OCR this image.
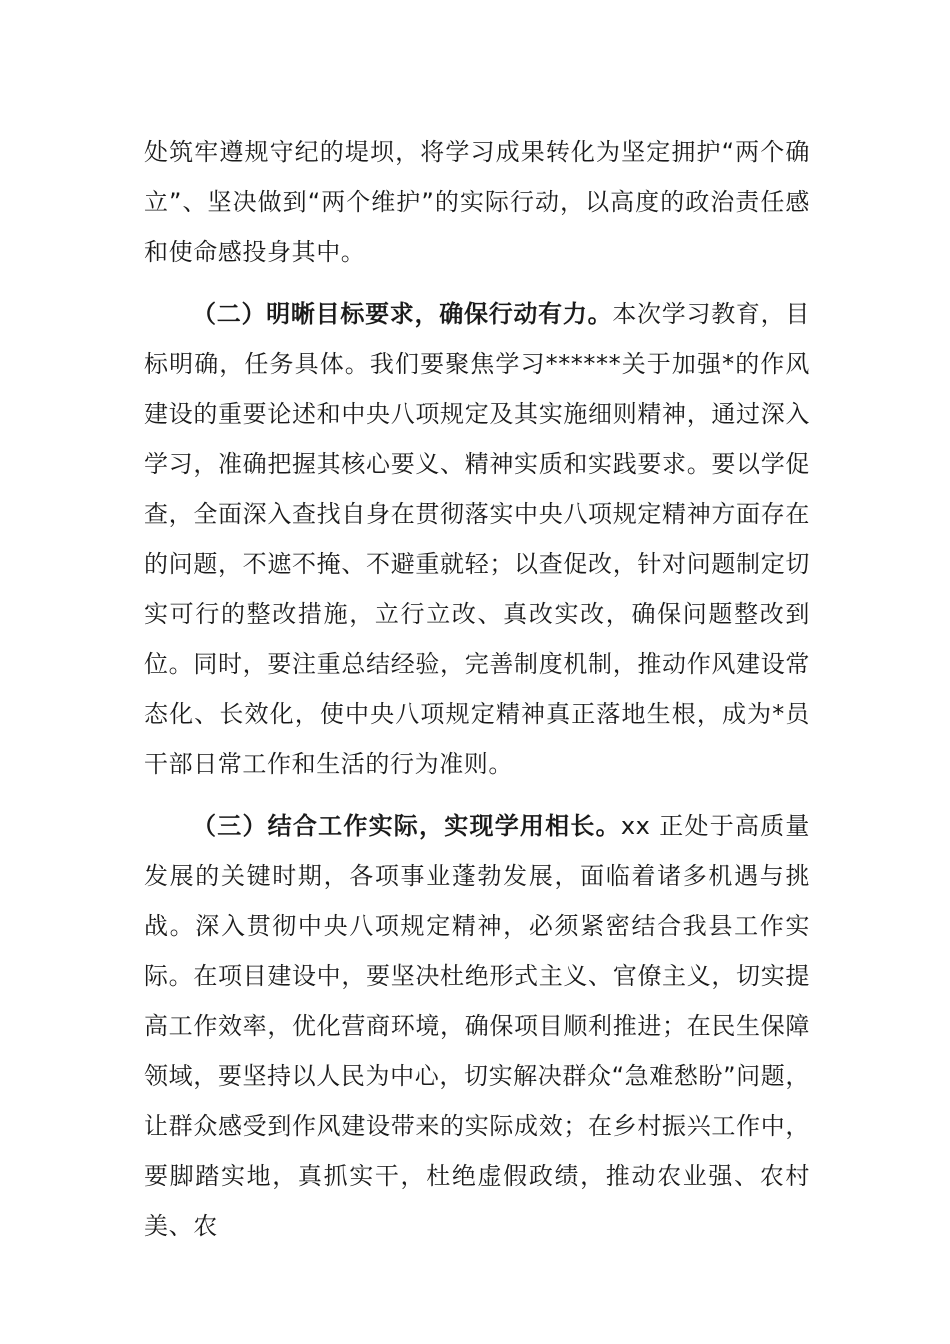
处筑牢遵规守纪的堤坝，将学习成果转化为坚定拥护“两个确立”、坚决做到“两个维护”的实际行动，以高度的政治责任感和使命感投身其中。

（二）明晰目标要求，确保行动有力。本次学习教育，目标明确，任务具体。我们要聚焦学习******关于加强*的作风建设的重要论述和中央八项规定及其实施细则精神，通过深入学习，准确把握其核心要义、精神实质和实践要求。要以学促查，全面深入查找自身在贯彻落实中央八项规定精神方面存在的问题，不遮不掩、不避重就轻；以查促改，针对问题制定切实可行的整改措施，立行立改、真改实改，确保问题整改到位。同时，要注重总结经验，完善制度机制，推动作风建设常态化、长效化，使中央八项规定精神真正落地生根，成为*员干部日常工作和生活的行为准则。

（三）结合工作实际，实现学用相长。xx 正处于高质量发展的关键时期，各项事业蓬勃发展，面临着诸多机遇与挑战。深入贯彻中央八项规定精神，必须紧密结合我县工作实际。在项目建设中，要坚决杜绝形式主义、官僚主义，切实提高工作效率，优化营商环境，确保项目顺利推进；在民生保障领域，要坚持以人民为中心，切实解决群众“急难愁盼”问题，让群众感受到作风建设带来的实际成效；在乡村振兴工作中，要脚踏实地，真抓实干，杜绝虚假政绩，推动农业强、农村美、农
